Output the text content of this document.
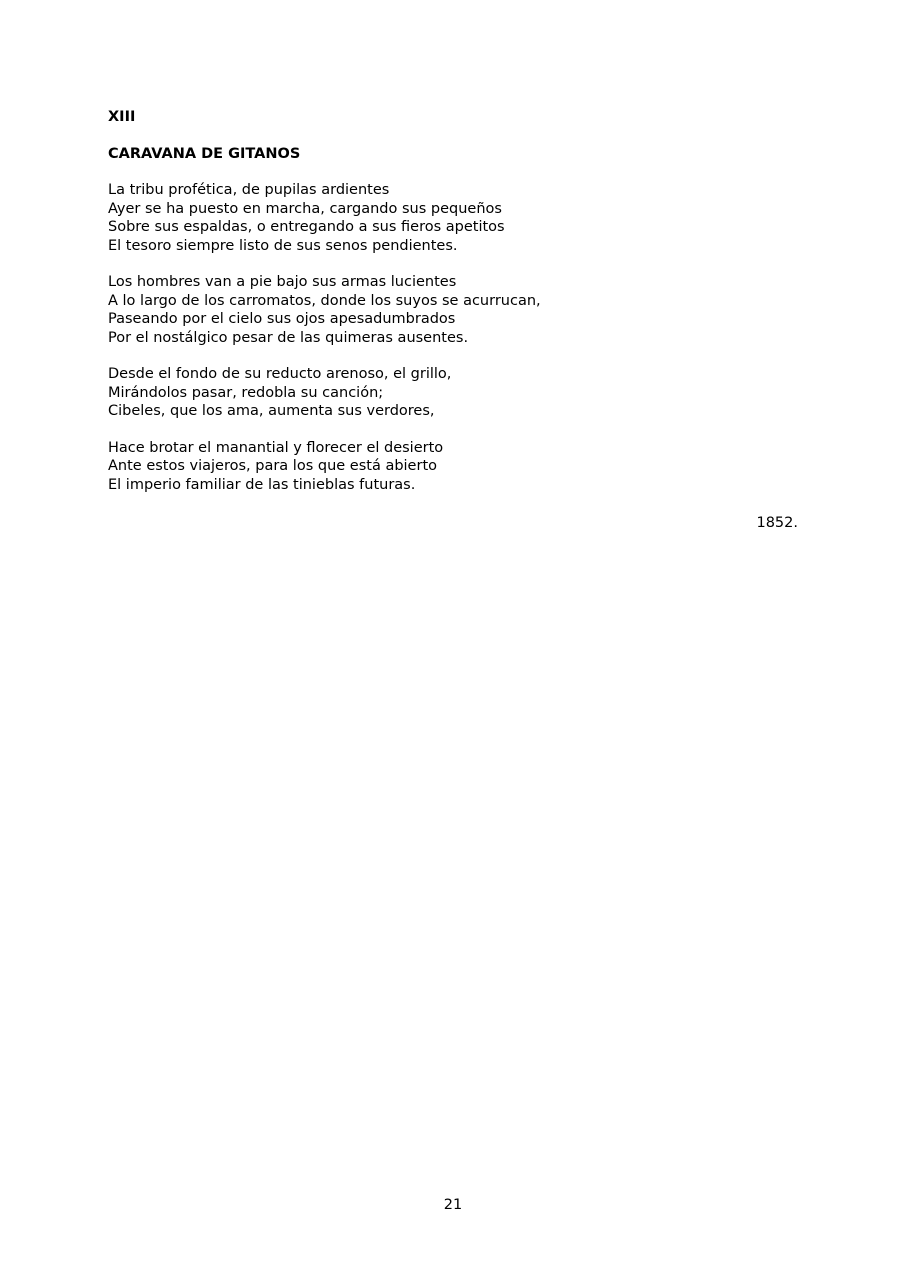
XIII

CARAVANA DE GITANOS

La tribu profética, de pupilas ardientes
Ayer se ha puesto en marcha, cargando sus pequeños
Sobre sus espaldas, o entregando a sus fieros apetitos
El tesoro siempre listo de sus senos pendientes.
Los hombres van a pie bajo sus armas lucientes
A lo largo de los carromatos, donde los suyos se acurrucan,
Paseando por el cielo sus ojos apesadumbrados
Por el nostálgico pesar de las quimeras ausentes.
Desde el fondo de su reducto arenoso, el grillo,
Mirándolos pasar, redobla su canción;
Cibeles, que los ama, aumenta sus verdores,
Hace brotar el manantial y florecer el desierto
Ante estos viajeros, para los que está abierto
El imperio familiar de las tinieblas futuras.
1852.
21
